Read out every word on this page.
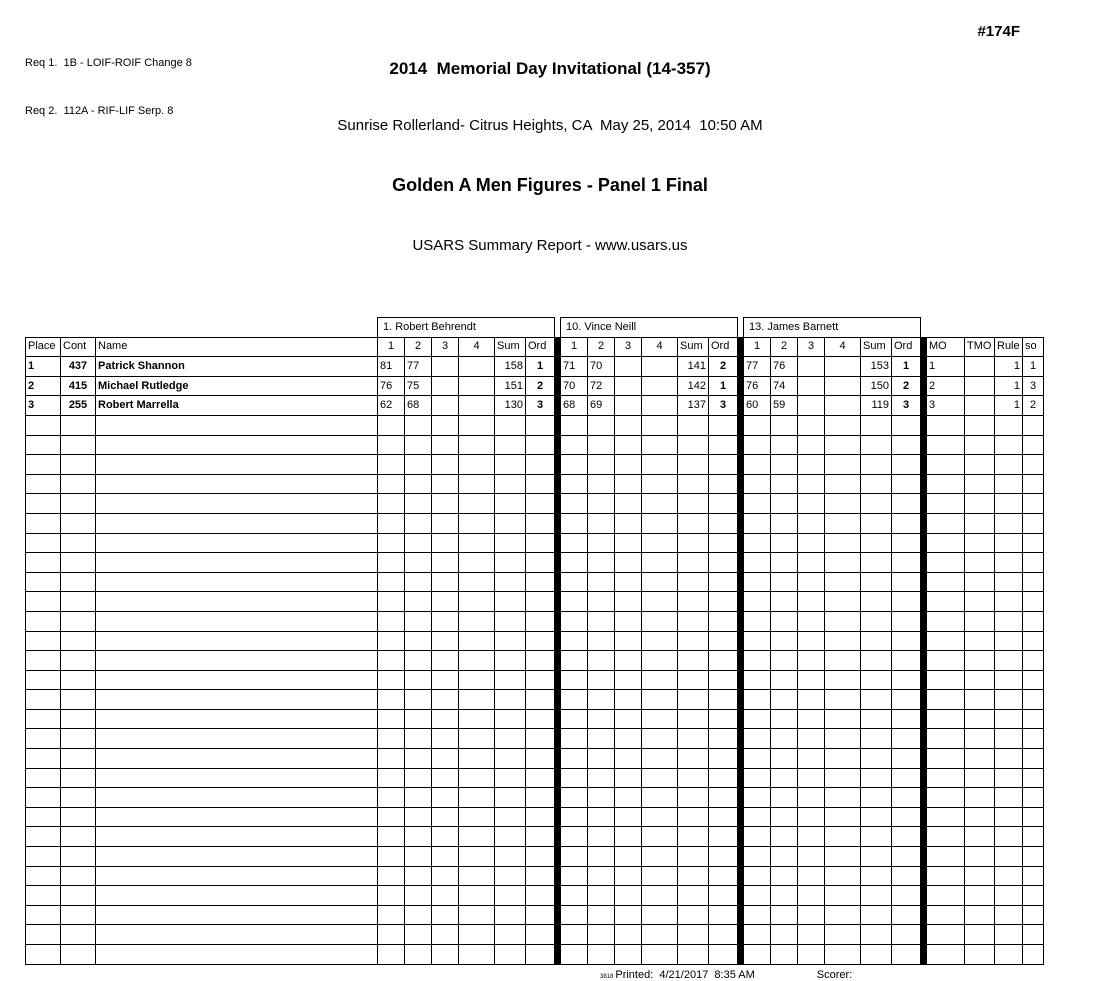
Req 1.  1B - LOIF-ROIF Change 8

Req 2.  112A - RIF-LIF Serp. 8

2014  Memorial Day Invitational (14-357)

Sunrise Rollerland- Citrus Heights, CA  May 25, 2014  10:50 AM

Golden A Men Figures - Panel 1 Final

USARS Summary Report - www.usars.us

#174F
			1. Robert Behrendt							10. Vince Neill							13. James Barnett										
Place	Cont	Name	1	2	3	4	Sum	Ord		1	2	3	4	Sum	Ord		1	2	3	4	Sum	Ord		MO	TMO	Rule	so
1	437	Patrick Shannon	81	77			158	1		71	70			141	2		77	76			153	1		1		1	1
2	415	Michael Rutledge	76	75			151	2		70	72			142	1		76	74			150	2		2		1	3
3	255	Robert Marrella	62	68			130	3		68	69			137	3		60	59			119	3		3		1	2

3818 Printed:  4/21/2017  8:35 AM	Scorer:
